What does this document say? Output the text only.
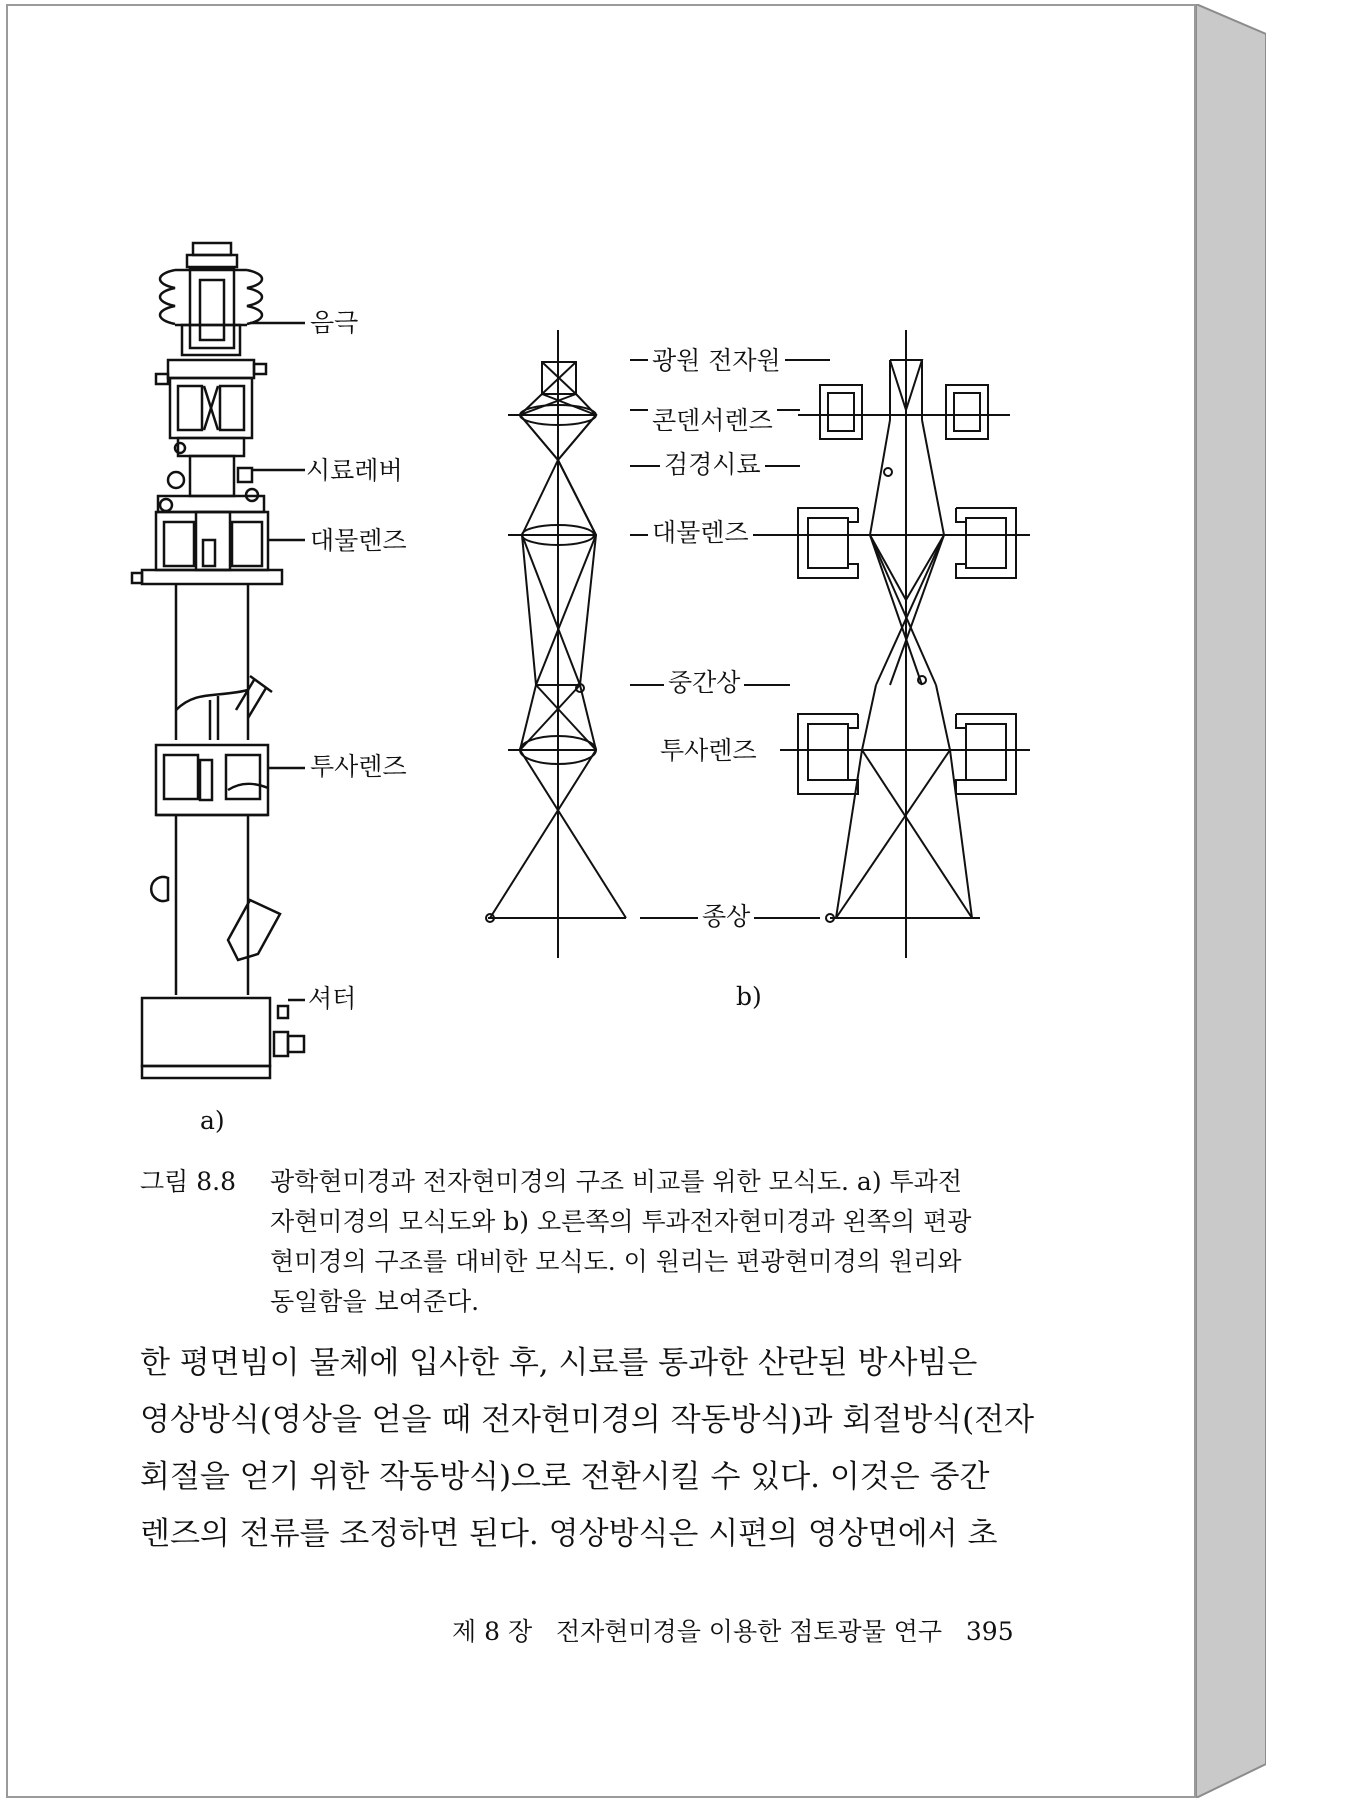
음극
시료레버
대물렌즈
투사렌즈
셔터
a)
광원 전자원
콘덴서렌즈
검경시료
대물렌즈
중간상
투사렌즈
종상
b)
그림 8.8 광학현미경과 전자현미경의 구조 비교를 위한 모식도. a) 투과전
자현미경의 모식도와 b) 오른쪽의 투과전자현미경과 왼쪽의 편광
현미경의 구조를 대비한 모식도. 이 원리는 편광현미경의 원리와
동일함을 보여준다.
한 평면빔이 물체에 입사한 후, 시료를 통과한 산란된 방사빔은
영상방식(영상을 얻을 때 전자현미경의 작동방식)과 회절방식(전자
회절을 얻기 위한 작동방식)으로 전환시킬 수 있다. 이것은 중간
렌즈의 전류를 조정하면 된다. 영상방식은 시편의 영상면에서 초
제 8 장 전자현미경을 이용한 점토광물 연구 395
